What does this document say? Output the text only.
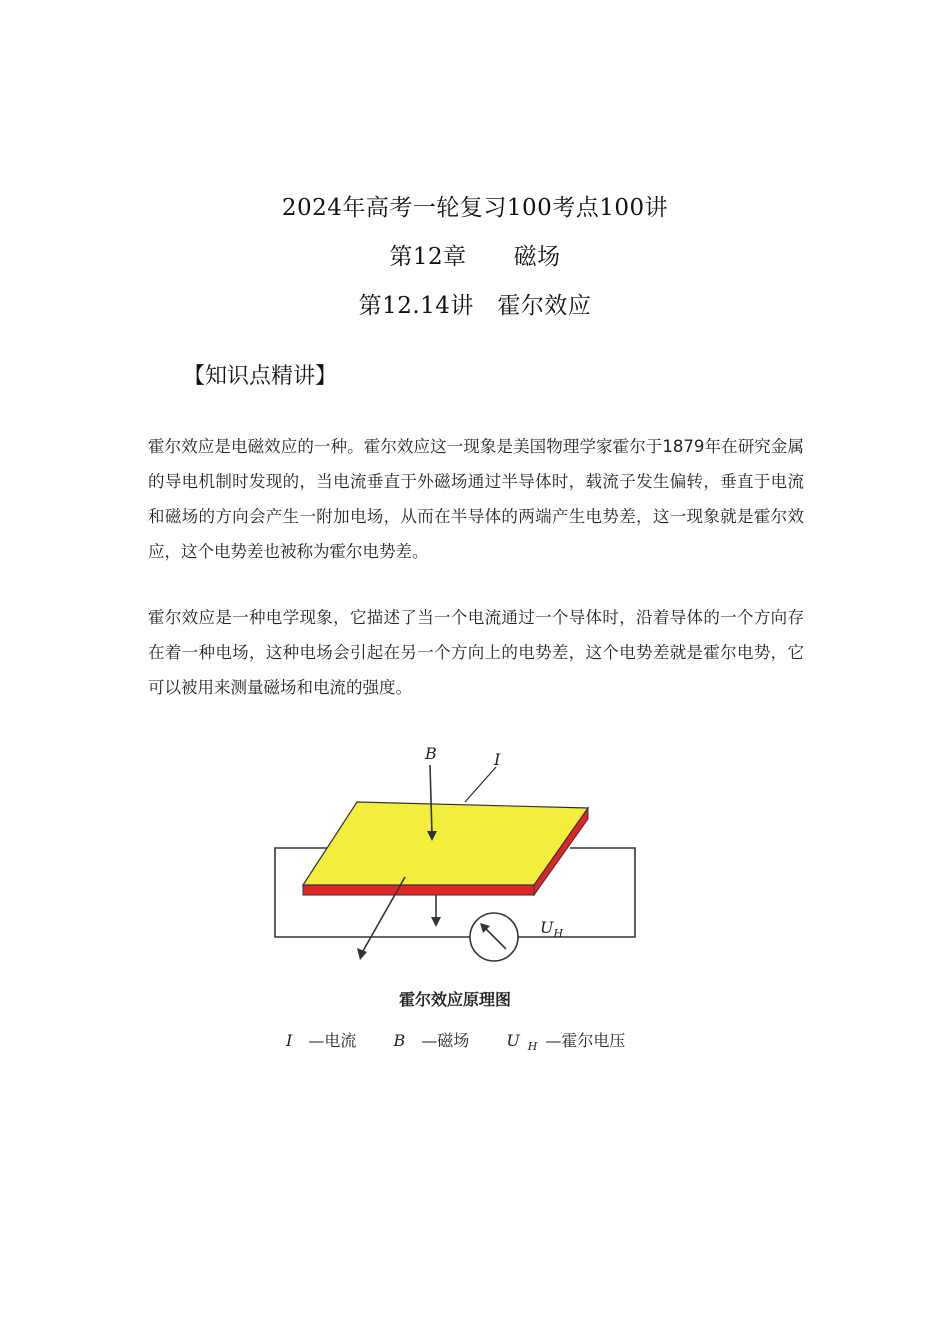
2024年高考一轮复习100考点100讲
第12章　　磁场
第12.14讲　霍尔效应
【知识点精讲】
霍尔效应是电磁效应的一种。霍尔效应这一现象是美国物理学家霍尔于1879年在研究金属的导电机制时发现的，当电流垂直于外磁场通过半导体时，载流子发生偏转，垂直于电流和磁场的方向会产生一附加电场，从而在半导体的两端产生电势差，这一现象就是霍尔效应，这个电势差也被称为霍尔电势差。
霍尔效应是一种电学现象，它描述了当一个电流通过一个导体时，沿着导体的一个方向存在着一种电场，这种电场会引起在另一个方向上的电势差，这个电势差就是霍尔电势，它可以被用来测量磁场和电流的强度。
B	I
$U_H$
霍尔效应原理图
I —电流 B —磁场 U $_H$ —霍尔电压
